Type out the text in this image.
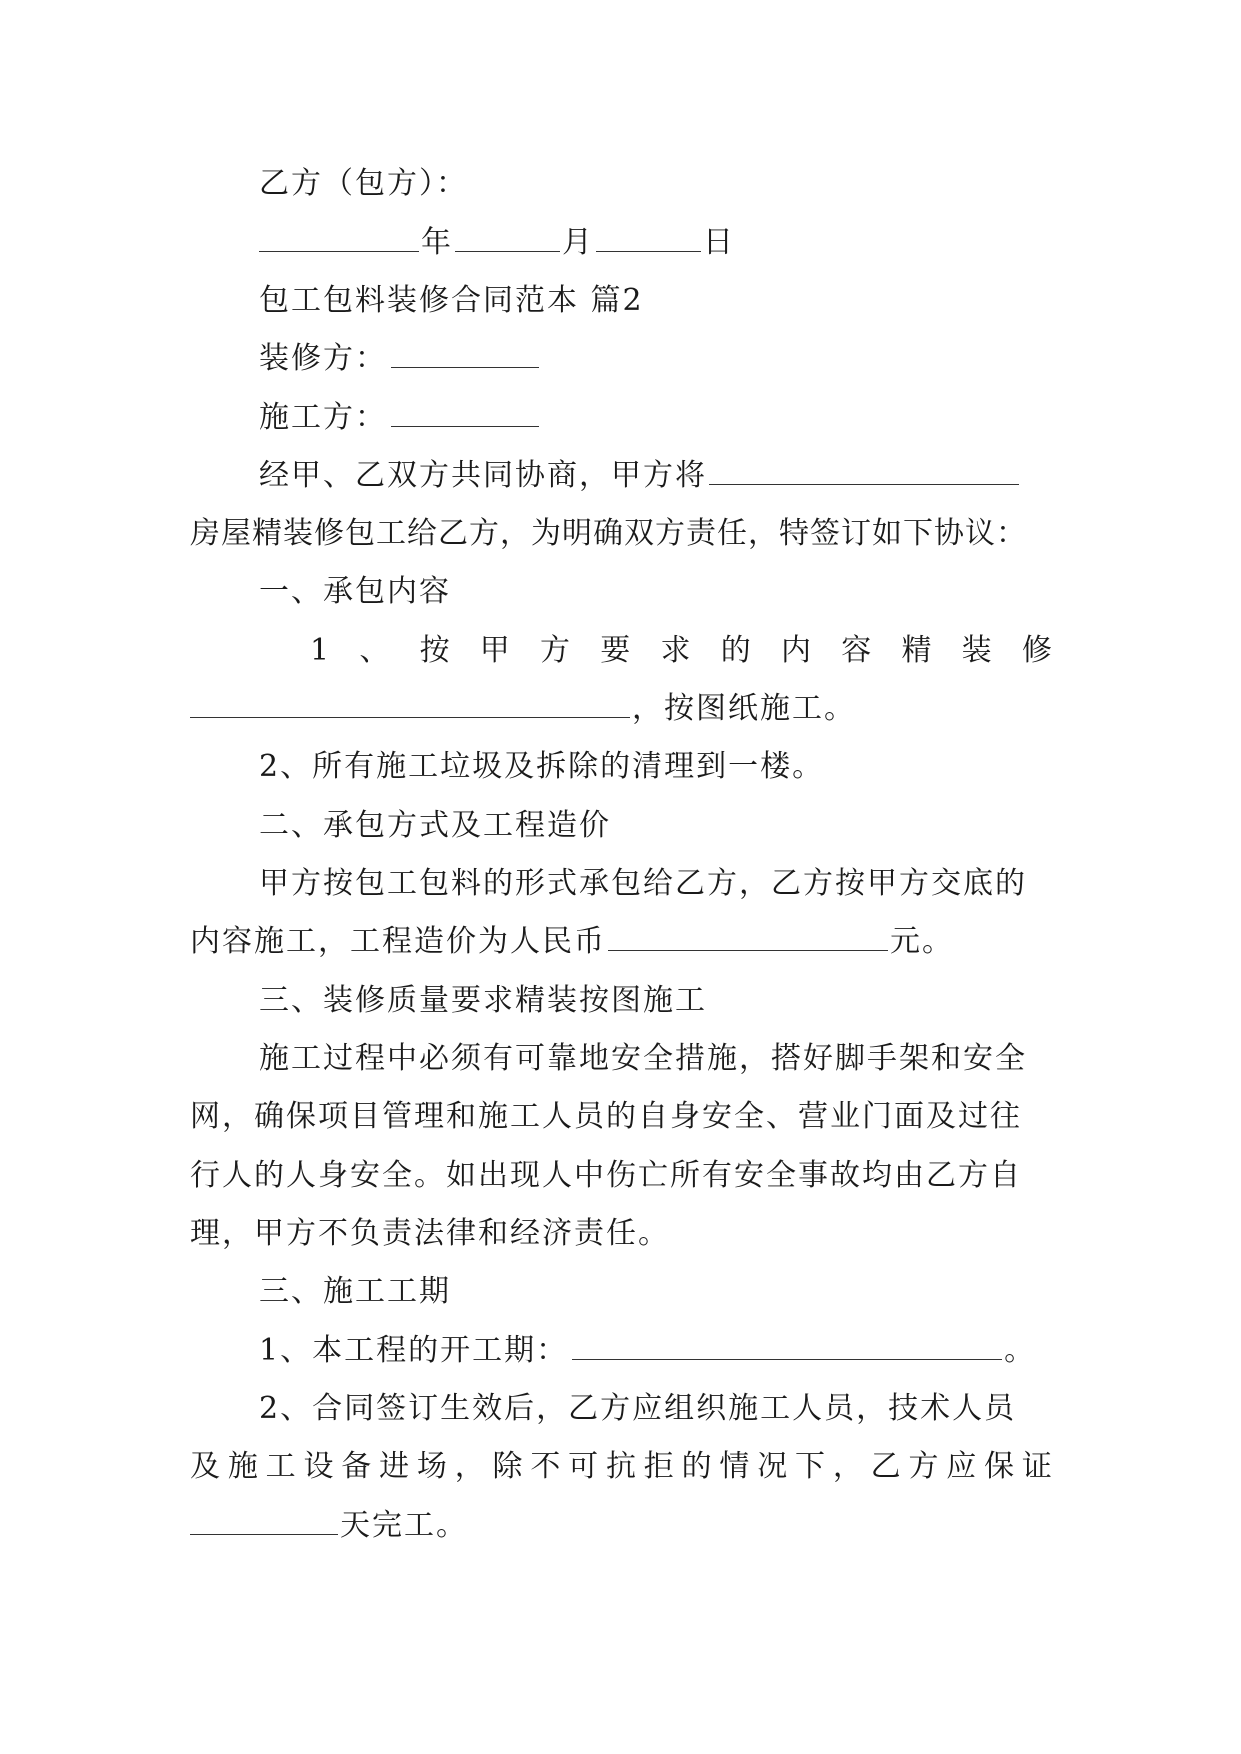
乙方（包方）：
年	月	日
包工包料装修合同范本 篇2
装修方：
施工方：
经甲、乙双方共同协商，甲方将
房屋精装修包工给乙方，为明确双方责任，特签订如下协议：
一、承包内容
1 、 按 甲 方 要 求 的 内 容 精 装 修
，按图纸施工。
2、所有施工垃圾及拆除的清理到一楼。
二、承包方式及工程造价
甲方按包工包料的形式承包给乙方，乙方按甲方交底的
内容施工，工程造价为人民币	元。
三、装修质量要求精装按图施工
施工过程中必须有可靠地安全措施，搭好脚手架和安全
网，确保项目管理和施工人员的自身安全、营业门面及过往
行人的人身安全。如出现人中伤亡所有安全事故均由乙方自
理，甲方不负责法律和经济责任。
三、施工工期
1、本工程的开工期：	。
2、合同签订生效后，乙方应组织施工人员，技术人员
及 施 工 设 备 进 场 ， 除 不 可 抗 拒 的 情 况 下 ， 乙 方 应 保 证
天完工。
